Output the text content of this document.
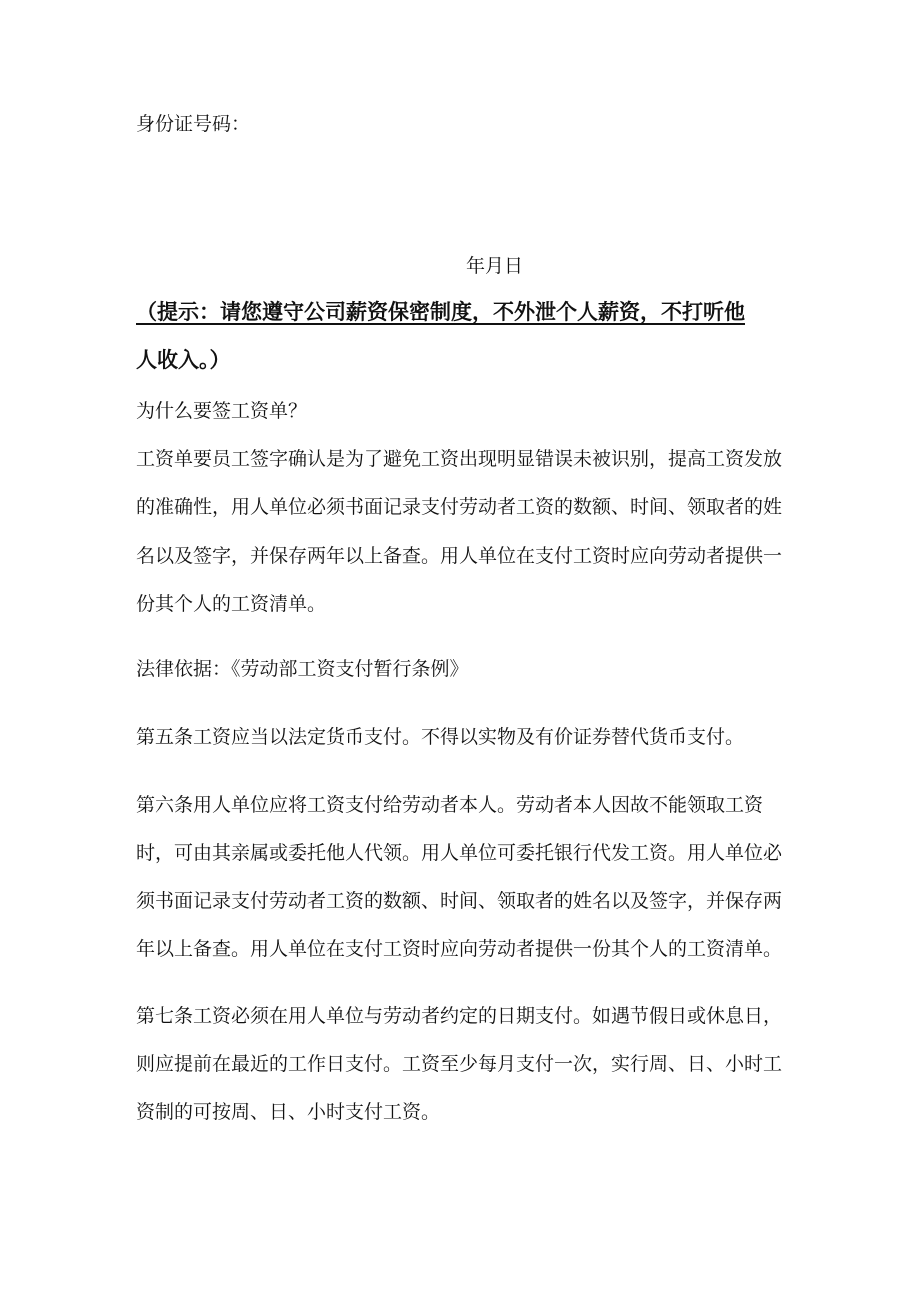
身份证号码：
年月日
（提示：请您遵守公司薪资保密制度，不外泄个人薪资，不打听他
人收入。）
为什么要签工资单？
工资单要员工签字确认是为了避免工资出现明显错误未被识别，提高工资发放
的准确性，用人单位必须书面记录支付劳动者工资的数额、时间、领取者的姓
名以及签字，并保存两年以上备查。用人单位在支付工资时应向劳动者提供一
份其个人的工资清单。
法律依据：《劳动部工资支付暂行条例》
第五条工资应当以法定货币支付。不得以实物及有价证券替代货币支付。
第六条用人单位应将工资支付给劳动者本人。劳动者本人因故不能领取工资
时，可由其亲属或委托他人代领。用人单位可委托银行代发工资。用人单位必
须书面记录支付劳动者工资的数额、时间、领取者的姓名以及签字，并保存两
年以上备查。用人单位在支付工资时应向劳动者提供一份其个人的工资清单。
第七条工资必须在用人单位与劳动者约定的日期支付。如遇节假日或休息日，
则应提前在最近的工作日支付。工资至少每月支付一次，实行周、日、小时工
资制的可按周、日、小时支付工资。
